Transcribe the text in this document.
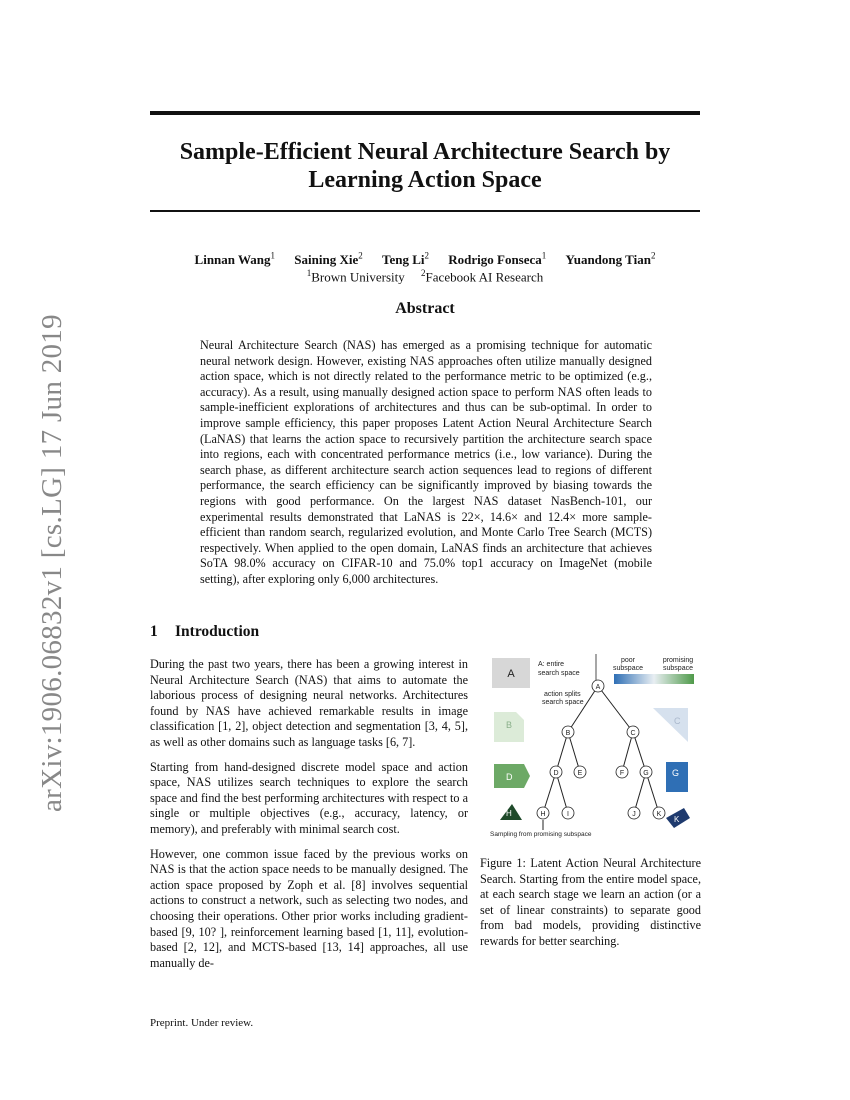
arXiv:1906.06832v1 [cs.LG] 17 Jun 2019
Sample-Efficient Neural Architecture Search by
Learning Action Space
Linnan Wang$^1$ Saining Xie$^2$ Teng Li$^2$ Rodrigo Fonseca$^1$ Yuandong Tian$^2$
$^1$Brown University $^2$Facebook AI Research
Abstract
Neural Architecture Search (NAS) has emerged as a promising technique for automatic neural network design. However, existing NAS approaches often utilize manually designed action space, which is not directly related to the performance metric to be optimized (e.g., accuracy). As a result, using manually designed action space to perform NAS often leads to sample-inefficient explorations of architectures and thus can be sub-optimal. In order to improve sample efficiency, this paper proposes Latent Action Neural Architecture Search (LaNAS) that learns the action space to recursively partition the architecture search space into regions, each with concentrated performance metrics (i.e., low variance). During the search phase, as different architecture search action sequences lead to regions of different performance, the search efficiency can be significantly improved by biasing towards the regions with good performance. On the largest NAS dataset NasBench-101, our experimental results demonstrated that LaNAS is 22×, 14.6× and 12.4× more sample-efficient than random search, regularized evolution, and Monte Carlo Tree Search (MCTS) respectively. When applied to the open domain, LaNAS finds an architecture that achieves SoTA 98.0% accuracy on CIFAR-10 and 75.0% top1 accuracy on ImageNet (mobile setting), after exploring only 6,000 architectures.
1 Introduction

During the past two years, there has been a growing interest in Neural Architecture Search (NAS) that aims to automate the laborious process of designing neural networks. Architectures found by NAS have achieved remarkable results in image classification [1, 2], object detection and segmentation [3, 4, 5], as well as other domains such as language tasks [6, 7].

Starting from hand-designed discrete model space and action space, NAS utilizes search techniques to explore the search space and find the best performing architectures with respect to a single or multiple objectives (e.g., accuracy, latency, or memory), and preferably with minimal search cost.

However, one common issue faced by the previous works on NAS is that the action space needs to be manually designed. The action space proposed by Zoph et al. [8] involves sequential actions to construct a network, such as selecting two nodes, and choosing their operations. Other prior works including gradient-based [9, 10? ], reinforcement learning based [1, 11], evolution-based [2, 12], and MCTS-based [13, 14] approaches, all use manually de-

A
A: entire
search space
poor
subspace
promising
subspace
action splits
search space
A
B	C
D	E	F	G
H	I	J	K
B	C
D	G
H
K
Sampling from promising subspace
Figure 1: Latent Action Neural Architecture Search. Starting from the entire model space, at each search stage we learn an action (or a set of linear constraints) to separate good from bad models, providing distinctive rewards for better searching.
Preprint. Under review.
